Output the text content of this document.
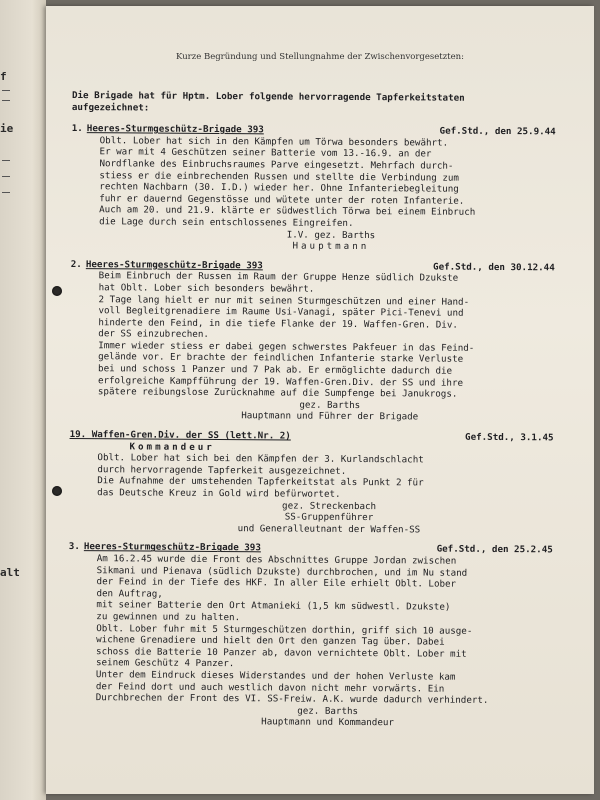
f
ie
alt
Kurze Begründung und Stellungnahme der Zwischenvorgesetzten:
Die Brigade hat für Hptm. Lober folgende hervorragende Tapferkeitstaten
aufgezeichnet:
1. Heeres-Sturmgeschütz-Brigade 393	Gef.Std., den 25.9.44
Oblt. Lober hat sich in den Kämpfen um Törwa besonders bewährt.
Er war mit 4 Geschützen seiner Batterie vom 13.-16.9. an der
Nordflanke des Einbruchsraumes Parve eingesetzt. Mehrfach durch-
stiess er die einbrechenden Russen und stellte die Verbindung zum
rechten Nachbarn (30. I.D.) wieder her. Ohne Infanteriebegleitung
fuhr er dauernd Gegenstösse und wütete unter der roten Infanterie.
Auch am 20. und 21.9. klärte er südwestlich Törwa bei einem Einbruch
die Lage durch sein entschlossenes Eingreifen.
I.V. gez. Barths
Hauptmann
2. Heeres-Sturmgeschütz-Brigade 393	Gef.Std., den 30.12.44
Beim Einbruch der Russen im Raum der Gruppe Henze südlich Dzukste
hat Oblt. Lober sich besonders bewährt.
2 Tage lang hielt er nur mit seinen Sturmgeschützen und einer Hand-
voll Begleitgrenadiere im Raume Usi-Vanagi, später Pici-Tenevi und
hinderte den Feind, in die tiefe Flanke der 19. Waffen-Gren. Div.
der SS einzubrechen.
Immer wieder stiess er dabei gegen schwerstes Pakfeuer in das Feind-
gelände vor. Er brachte der feindlichen Infanterie starke Verluste
bei und schoss 1 Panzer und 7 Pak ab. Er ermöglichte dadurch die
erfolgreiche Kampfführung der 19. Waffen-Gren.Div. der SS und ihre
spätere reibungslose Zurücknahme auf die Sumpfenge bei Janukrogs.
gez. Barths
Hauptmann und Führer der Brigade
19. Waffen-Gren.Div. der SS (lett.Nr. 2)	Gef.Std., 3.1.45
Kommandeur
Oblt. Lober hat sich bei den Kämpfen der 3. Kurlandschlacht
durch hervorragende Tapferkeit ausgezeichnet.
Die Aufnahme der umstehenden Tapferkeitstat als Punkt 2 für
das Deutsche Kreuz in Gold wird befürwortet.
gez. Streckenbach
SS-Gruppenführer
und Generalleutnant der Waffen-SS
3. Heeres-Sturmgeschütz-Brigade 393	Gef.Std., den 25.2.45
Am 16.2.45 wurde die Front des Abschnittes Gruppe Jordan zwischen
Sikmani und Pienava (südlich Dzukste) durchbrochen, und im Nu stand
der Feind in der Tiefe des HKF. In aller Eile erhielt Oblt. Lober
den Auftrag,
mit seiner Batterie den Ort Atmanieki (1,5 km südwestl. Dzukste)
zu gewinnen und zu halten.
Oblt. Lober fuhr mit 5 Sturmgeschützen dorthin, griff sich 10 ausge-
wichene Grenadiere und hielt den Ort den ganzen Tag über. Dabei
schoss die Batterie 10 Panzer ab, davon vernichtete Oblt. Lober mit
seinem Geschütz 4 Panzer.
Unter dem Eindruck dieses Widerstandes und der hohen Verluste kam
der Feind dort und auch westlich davon nicht mehr vorwärts. Ein
Durchbrechen der Front des VI. SS-Freiw. A.K. wurde dadurch verhindert.
gez. Barths
Hauptmann und Kommandeur
